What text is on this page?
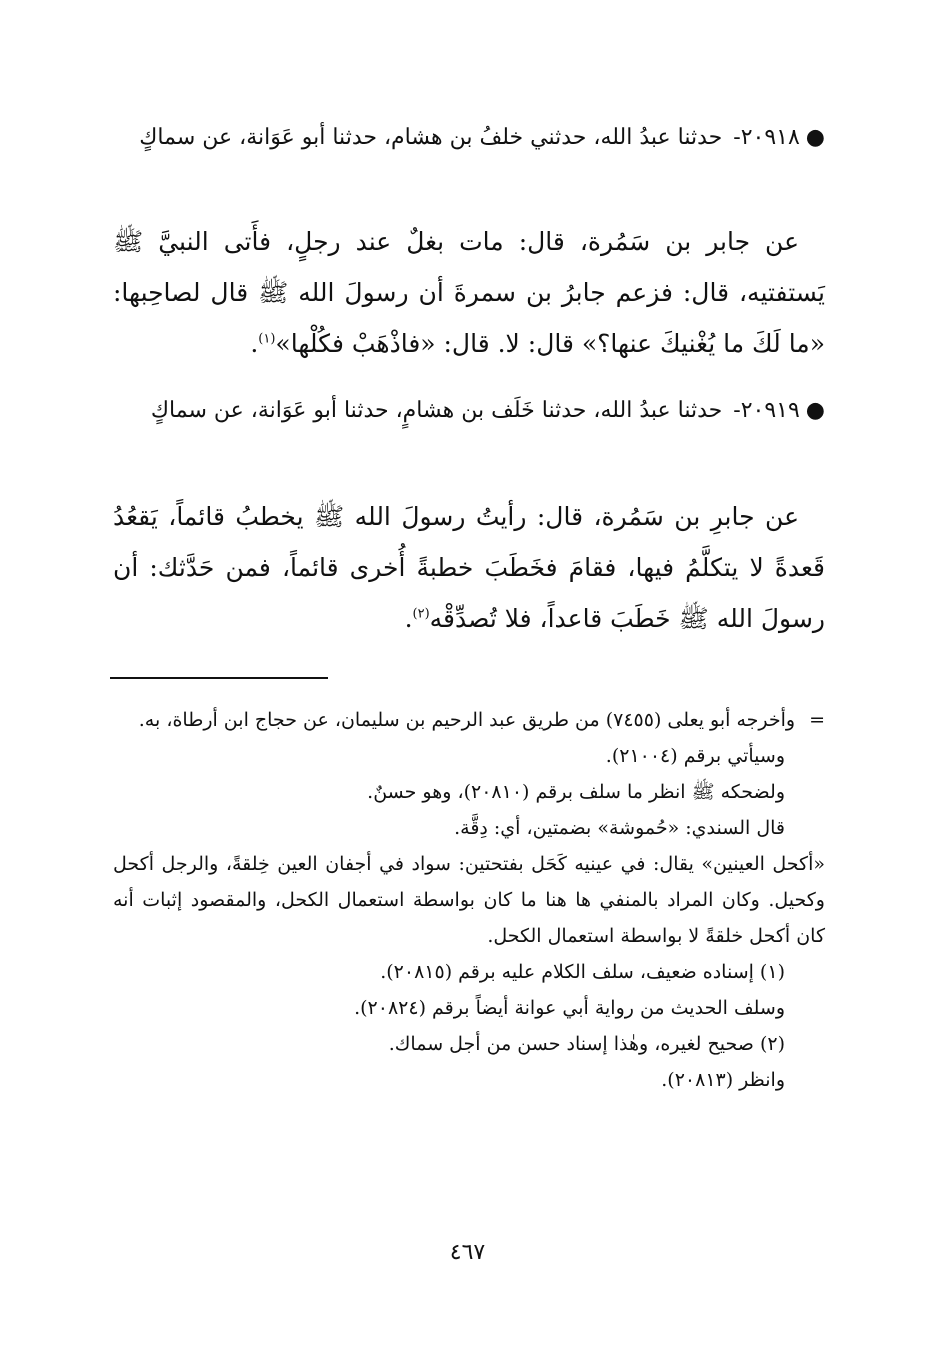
●٢٠٩١٨- حدثنا عبدُ الله، حدثني خلفُ بن هشام، حدثنا أبو عَوَانة، عن سماكٍ
عن جابر بن سَمُرة، قال: مات بغلٌ عند رجلٍ، فأَتى النبيَّ ﷺ يَستفتيه، قال: فزعم جابرُ بن سمرةَ أن رسولَ الله ﷺ قال لصاحِبها: «ما لَكَ ما يُغْنيكَ عنها؟» قال: لا. قال: «فاذْهَبْ فكُلْها»$^{(١)}$.
●٢٠٩١٩- حدثنا عبدُ الله، حدثنا خَلَف بن هشامٍ، حدثنا أبو عَوَانة، عن سماكٍ
عن جابرِ بن سَمُرة، قال: رأيتُ رسولَ الله ﷺ يخطبُ قائماً، يَقعُدُ قَعدةً لا يتكلَّمُ فيها، فقامَ فخَطَبَ خطبةً أُخرى قائماً، فمن حَدَّثك: أن رسولَ الله ﷺ خَطَبَ قاعداً، فلا تُصدِّقْه$^{(٢)}$.

=وأخرجه أبو يعلى (٧٤٥٥) من طريق عبد الرحيم بن سليمان، عن حجاج ابن أرطاة، به.

وسيأتي برقم (٢١٠٠٤).

ولضحكه ﷺ انظر ما سلف برقم (٢٠٨١٠)، وهو حسنٌ.

قال السندي: «حُموشة» بضمتين، أي: دِقَّة.

«أكحل العينين» يقال: في عينيه كَحَل بفتحتين: سواد في أجفان العين خِلقةً، والرجل أكحل وكحيل. وكان المراد بالمنفي ها هنا ما كان بواسطة استعمال الكحل، والمقصود إثبات أنه كان أكحل خلقةً لا بواسطة استعمال الكحل.

(١) إسناده ضعيف، سلف الكلام عليه برقم (٢٠٨١٥).

وسلف الحديث من رواية أبي عوانة أيضاً برقم (٢٠٨٢٤).

(٢) صحيح لغيره، وهٰذا إسناد حسن من أجل سماك.

وانظر (٢٠٨١٣).

٤٦٧
